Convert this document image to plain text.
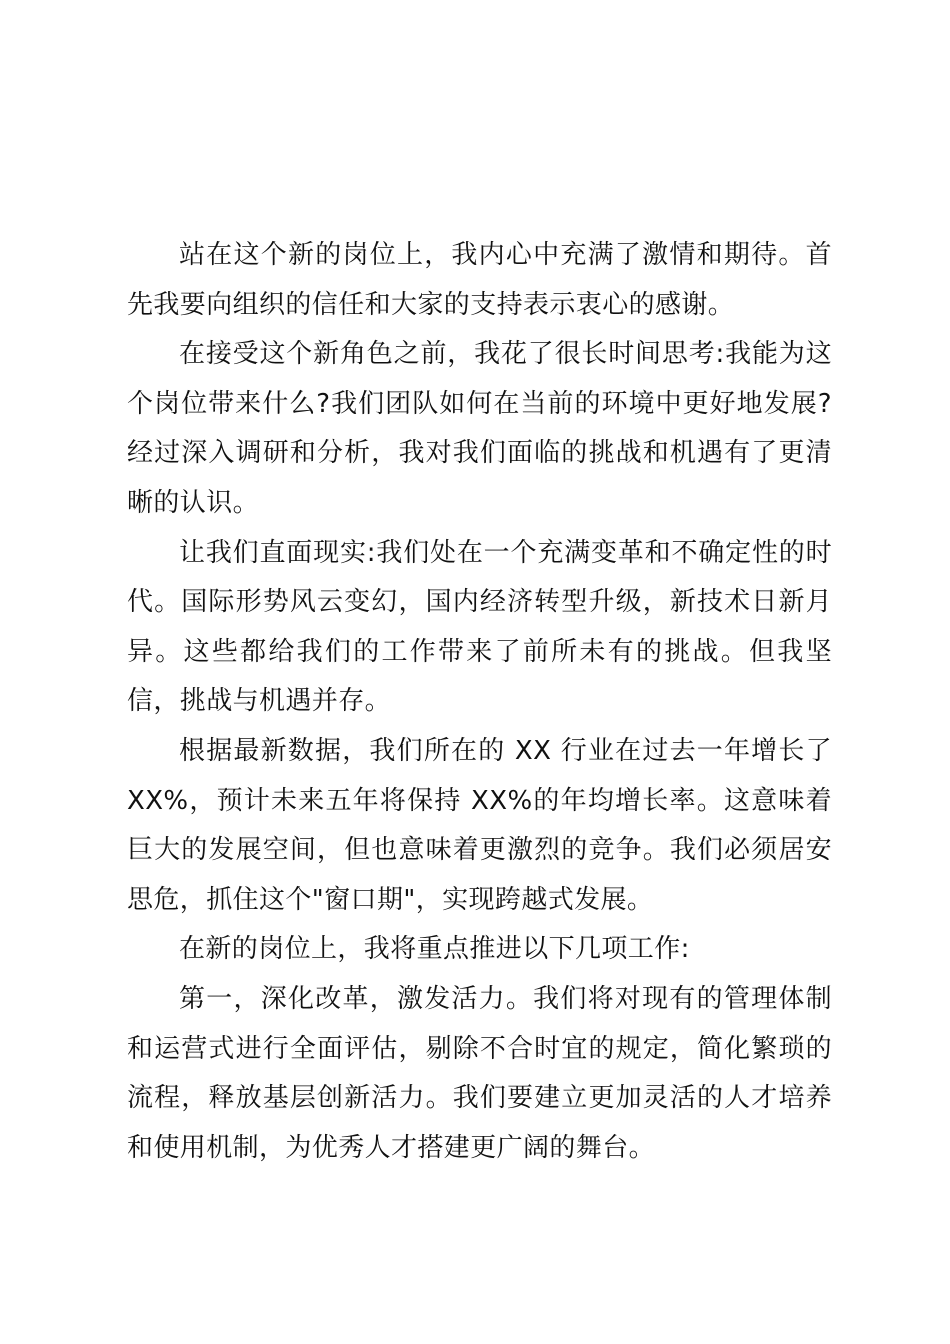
站在这个新的岗位上，我内心中充满了激情和期待。首先我要向组织的信任和大家的支持表示衷心的感谢。

在接受这个新角色之前，我花了很长时间思考:我能为这个岗位带来什么?我们团队如何在当前的环境中更好地发展?经过深入调研和分析，我对我们面临的挑战和机遇有了更清晰的认识。

让我们直面现实:我们处在一个充满变革和不确定性的时代。国际形势风云变幻，国内经济转型升级，新技术日新月异。这些都给我们的工作带来了前所未有的挑战。但我坚信，挑战与机遇并存。

根据最新数据，我们所在的 XX 行业在过去一年增长了 XX%，预计未来五年将保持 XX%的年均增长率。这意味着巨大的发展空间，但也意味着更激烈的竞争。我们必须居安思危，抓住这个"窗口期"，实现跨越式发展。

在新的岗位上，我将重点推进以下几项工作:

第一，深化改革，激发活力。我们将对现有的管理体制和运营式进行全面评估，剔除不合时宜的规定，简化繁琐的流程，释放基层创新活力。我们要建立更加灵活的人才培养和使用机制，为优秀人才搭建更广阔的舞台。
